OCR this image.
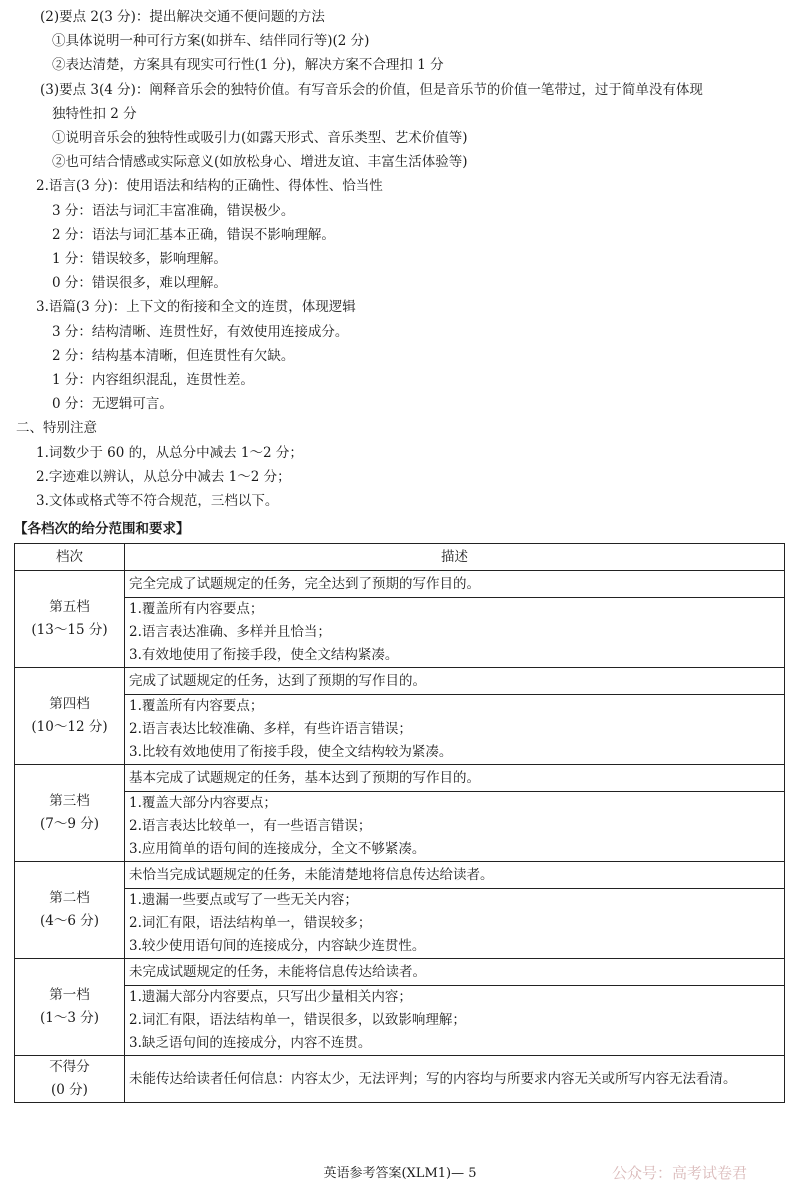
(2)要点 2(3 分)：提出解决交通不便问题的方法
①具体说明一种可行方案(如拼车、结伴同行等)(2 分)
②表达清楚，方案具有现实可行性(1 分)，解决方案不合理扣 1 分
(3)要点 3(4 分)：阐释音乐会的独特价值。有写音乐会的价值，但是音乐节的价值一笔带过，过于简单没有体现
独特性扣 2 分
①说明音乐会的独特性或吸引力(如露天形式、音乐类型、艺术价值等)
②也可结合情感或实际意义(如放松身心、增进友谊、丰富生活体验等)
2.语言(3 分)：使用语法和结构的正确性、得体性、恰当性
3 分：语法与词汇丰富准确，错误极少。
2 分：语法与词汇基本正确，错误不影响理解。
1 分：错误较多，影响理解。
0 分：错误很多，难以理解。
3.语篇(3 分)：上下文的衔接和全文的连贯，体现逻辑
3 分：结构清晰、连贯性好，有效使用连接成分。
2 分：结构基本清晰，但连贯性有欠缺。
1 分：内容组织混乱，连贯性差。
0 分：无逻辑可言。
二、特别注意
1.词数少于 60 的，从总分中减去 1～2 分；
2.字迹难以辨认，从总分中减去 1～2 分；
3.文体或格式等不符合规范，三档以下。
【各档次的给分范围和要求】
档次	描述

第五档
(13～15 分)	完全完成了试题规定的任务，完全达到了预期的写作目的。

	1.覆盖所有内容要点；
2.语言表达准确、多样并且恰当；
3.有效地使用了衔接手段，使全文结构紧凑。

第四档
(10～12 分)	完成了试题规定的任务，达到了预期的写作目的。

	1.覆盖所有内容要点；
2.语言表达比较准确、多样，有些许语言错误；
3.比较有效地使用了衔接手段，使全文结构较为紧凑。

第三档
(7～9 分)	基本完成了试题规定的任务，基本达到了预期的写作目的。

	1.覆盖大部分内容要点；
2.语言表达比较单一，有一些语言错误；
3.应用简单的语句间的连接成分，全文不够紧凑。

第二档
(4～6 分)	未恰当完成试题规定的任务，未能清楚地将信息传达给读者。

	1.遗漏一些要点或写了一些无关内容；
2.词汇有限，语法结构单一，错误较多；
3.较少使用语句间的连接成分，内容缺少连贯性。

第一档
(1～3 分)	未完成试题规定的任务，未能将信息传达给读者。

	1.遗漏大部分内容要点，只写出少量相关内容；
2.词汇有限，语法结构单一，错误很多，以致影响理解；
3.缺乏语句间的连接成分，内容不连贯。

不得分
(0 分)	未能传达给读者任何信息：内容太少，无法评判；写的内容均与所要求内容无关或所写内容无法看清。
英语参考答案(XLM1)— 5	公众号：高考试卷君
